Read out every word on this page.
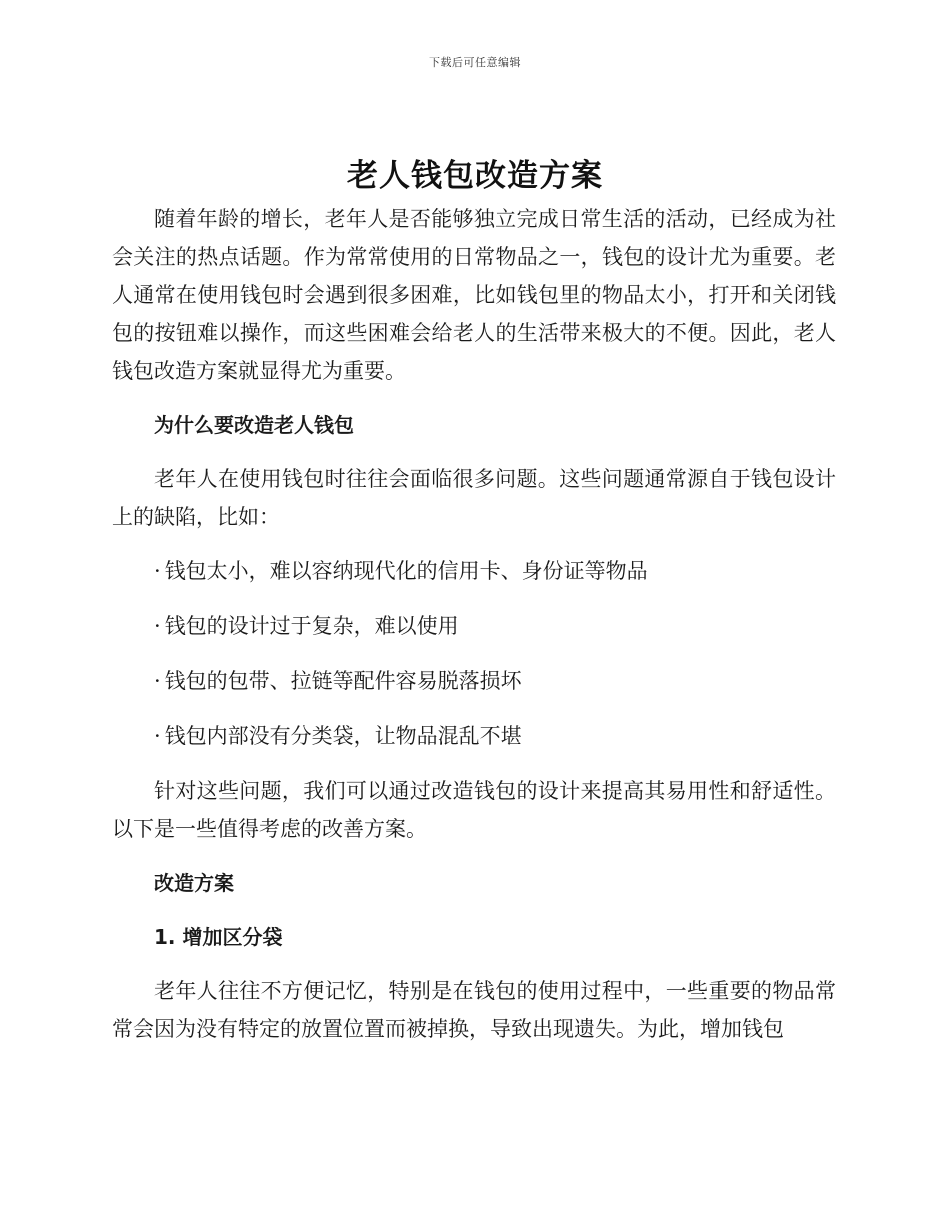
下载后可任意编辑
老人钱包改造方案

随着年龄的增长，老年人是否能够独立完成日常生活的活动，已经成为社会关注的热点话题。作为常常使用的日常物品之一，钱包的设计尤为重要。老人通常在使用钱包时会遇到很多困难，比如钱包里的物品太小，打开和关闭钱包的按钮难以操作，而这些困难会给老人的生活带来极大的不便。因此，老人钱包改造方案就显得尤为重要。

为什么要改造老人钱包

老年人在使用钱包时往往会面临很多问题。这些问题通常源自于钱包设计上的缺陷，比如：

· 钱包太小，难以容纳现代化的信用卡、身份证等物品
· 钱包的设计过于复杂，难以使用
· 钱包的包带、拉链等配件容易脱落损坏
· 钱包内部没有分类袋，让物品混乱不堪

针对这些问题，我们可以通过改造钱包的设计来提高其易用性和舒适性。以下是一些值得考虑的改善方案。

改造方案
1. 增加区分袋

老年人往往不方便记忆，特别是在钱包的使用过程中，一些重要的物品常常会因为没有特定的放置位置而被掉换，导致出现遗失。为此，增加钱包
